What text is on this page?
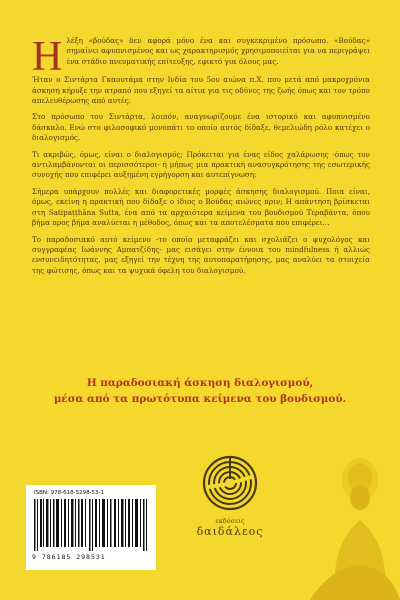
Η λέξη «βούδας» δεν αφορά μόνο ένα και συγκεκριμένο πρόσωπο. «Βούδας» σημαίνει αφυπνισμένος και ως χαρακτηρισμός χρησιμοποιείται για να περιγράψει ένα στάδιο πνευματικής επίτευξης, εφικτό για όλους μας.

Ήταν ο Σιντάρτα Γκαουτάμα στην Ινδία του 5ου αιώνα π.Χ. που μετά από μακροχρόνια άσκηση κήρυξε την ατραπό που εξηγεί τα αίτια για τις οδύνες της ζωής όπως και τον τρόπο απελευθέρωσης από αυτές.

Στο πρόσωπο του Σιντάρτα, λοιπόν, αναγνωρίζουμε ένα ιστορικό και αφυπνισμένο δάσκαλο. Ενώ στο φιλοσοφικό μονοπάτι το οποίο αυτός δίδαξε, θεμελιώδη ρόλο κατέχει ο διαλογισμός.

Τι ακριβώς, όμως, είναι ο διαλογισμός; Πρόκειται για ένας είδος χαλάρωσης -όπως τον αντιλαμβάνονται οι περισσότεροι- ή μήπως μια πρακτική ανασυγκρότησης της εσωτερικής συνοχής που επιφέρει αυξημένη εγρήγορση και αυτεπίγνωση;

Σήμερα υπάρχουν πολλές και διαφορετικές μορφές άσκησης διαλογισμού. Ποια είναι, όμως, εκείνη η πρακτική που δίδαξε ο ίδιος ο Βούδας αιώνες πριν; Η απάντηση βρίσκεται στη Satipaṭṭhāna Sutta, ένα από τα αρχαιότερα κείμενα του βουδισμού Τεραβάντα, όπου βήμα προς βήμα αναλύεται η μέθοδος, όπως και τα αποτελέσματα που επιφέρει…

Το παραδοσιακό αυτό κείμενο -το οποίο μεταφράζει και σχολιάζει ο ψυχολόγος και συγγραφέας Ιωάννης Αμπατζίδης- μας εισάγει στην έννοια του mindfulness ή αλλιώς ενσυνειδητότητας, μας εξηγεί την τέχνη της αυτοπαρατήρησης, μας αναλύει τα στοιχεία της φώτισης, όπως και τα ψυχικά όφελη του διαλογισμού.

Η παραδοσιακή άσκηση διαλογισμού,
μέσα από τα πρωτότυπα κείμενα του βουδισμού.
ISBN: 978-618-5298-53-1
9 786185 298531
εκδόσεις
δαιδάλεος
